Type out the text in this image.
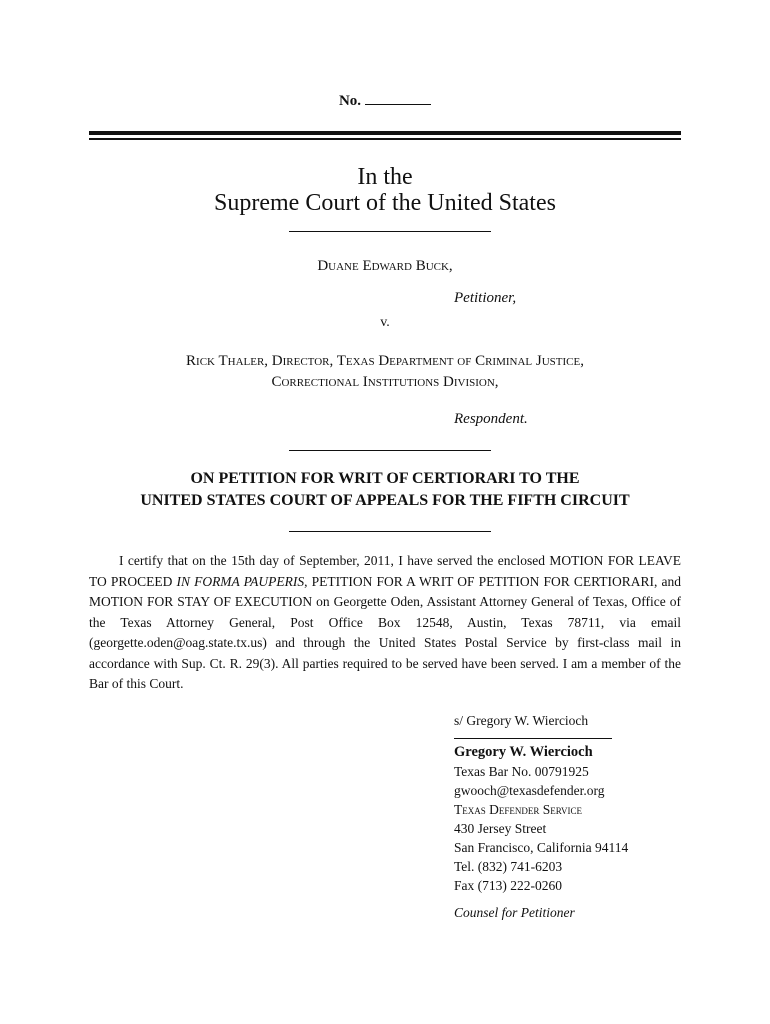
No.
In the
Supreme Court of the United States
Duane Edward Buck,
Petitioner,
v.
Rick Thaler, Director, Texas Department of Criminal Justice,
Correctional Institutions Division,
Respondent.
ON PETITION FOR WRIT OF CERTIORARI TO THE
UNITED STATES COURT OF APPEALS FOR THE FIFTH CIRCUIT

I certify that on the 15th day of September, 2011, I have served the enclosed MOTION FOR LEAVE TO PROCEED IN FORMA PAUPERIS, PETITION FOR A WRIT OF PETITION FOR CERTIORARI, and MOTION FOR STAY OF EXECUTION on Georgette Oden, Assistant Attorney General of Texas, Office of the Texas Attorney General, Post Office Box 12548, Austin, Texas 78711, via email (georgette.oden@oag.state.tx.us) and through the United States Postal Service by first-class mail in accordance with Sup. Ct. R. 29(3). All parties required to be served have been served. I am a member of the Bar of this Court.

s/ Gregory W. Wiercioch
Gregory W. Wiercioch
Texas Bar No. 00791925
gwooch@texasdefender.org
Texas Defender Service
430 Jersey Street
San Francisco, California 94114
Tel. (832) 741-6203
Fax (713) 222-0260
Counsel for Petitioner
